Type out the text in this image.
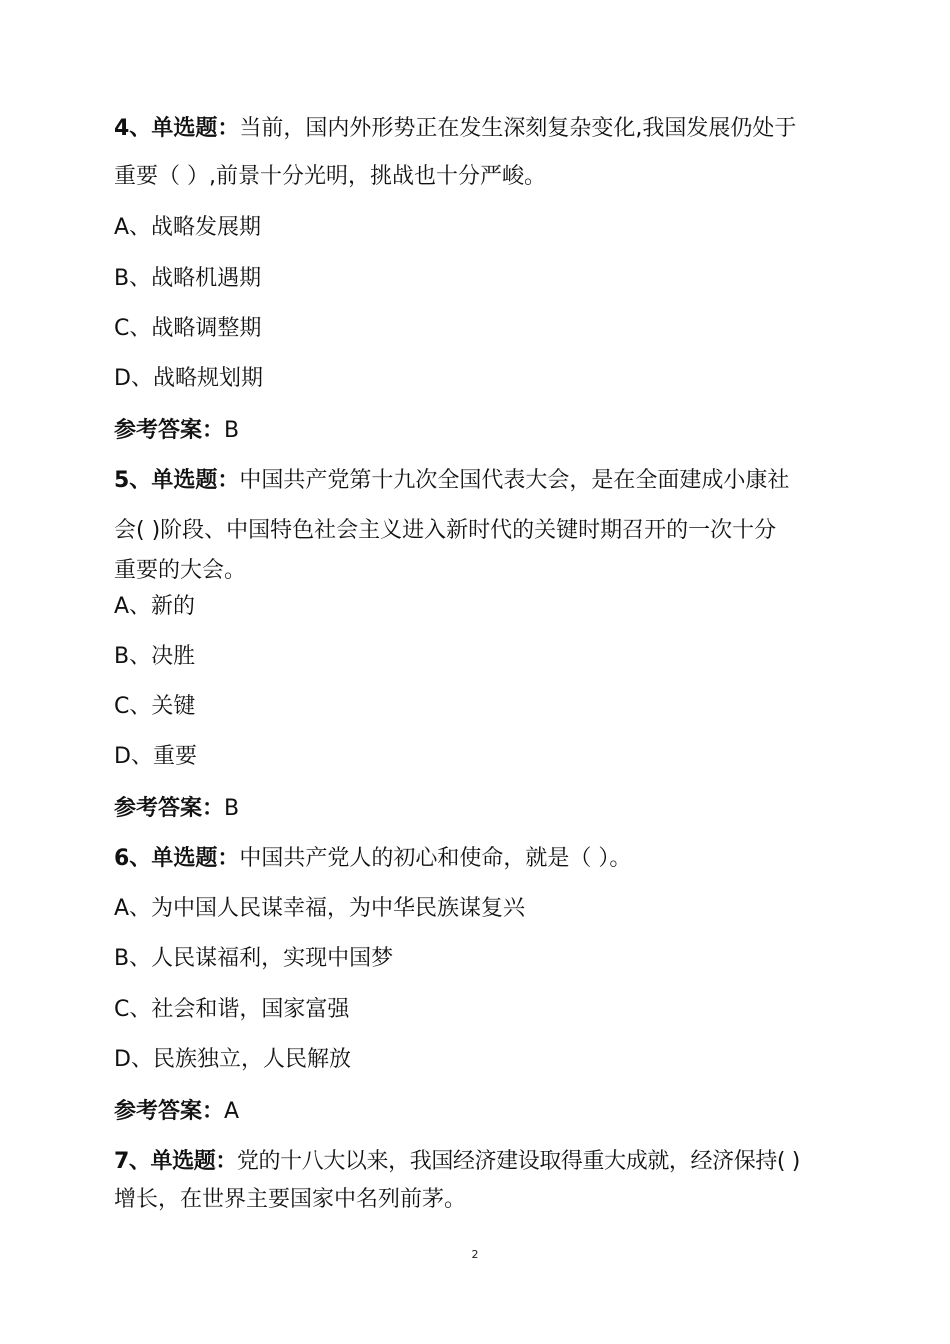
4、单选题：当前，国内外形势正在发生深刻复杂变化,我国发展仍处于
重要（ ）,前景十分光明，挑战也十分严峻。
A、战略发展期
B、战略机遇期
C、战略调整期
D、战略规划期
参考答案：B
5、单选题：中国共产党第十九次全国代表大会，是在全面建成小康社
会( )阶段、中国特色社会主义进入新时代的关键时期召开的一次十分
重要的大会。
A、新的
B、决胜
C、关键
D、重要
参考答案：B
6、单选题：中国共产党人的初心和使命，就是（ ）。
A、为中国人民谋幸福，为中华民族谋复兴
B、人民谋福利，实现中国梦
C、社会和谐，国家富强
D、民族独立，人民解放
参考答案：A
7、单选题：党的十八大以来，我国经济建设取得重大成就，经济保持( )
增长，在世界主要国家中名列前茅。
2
